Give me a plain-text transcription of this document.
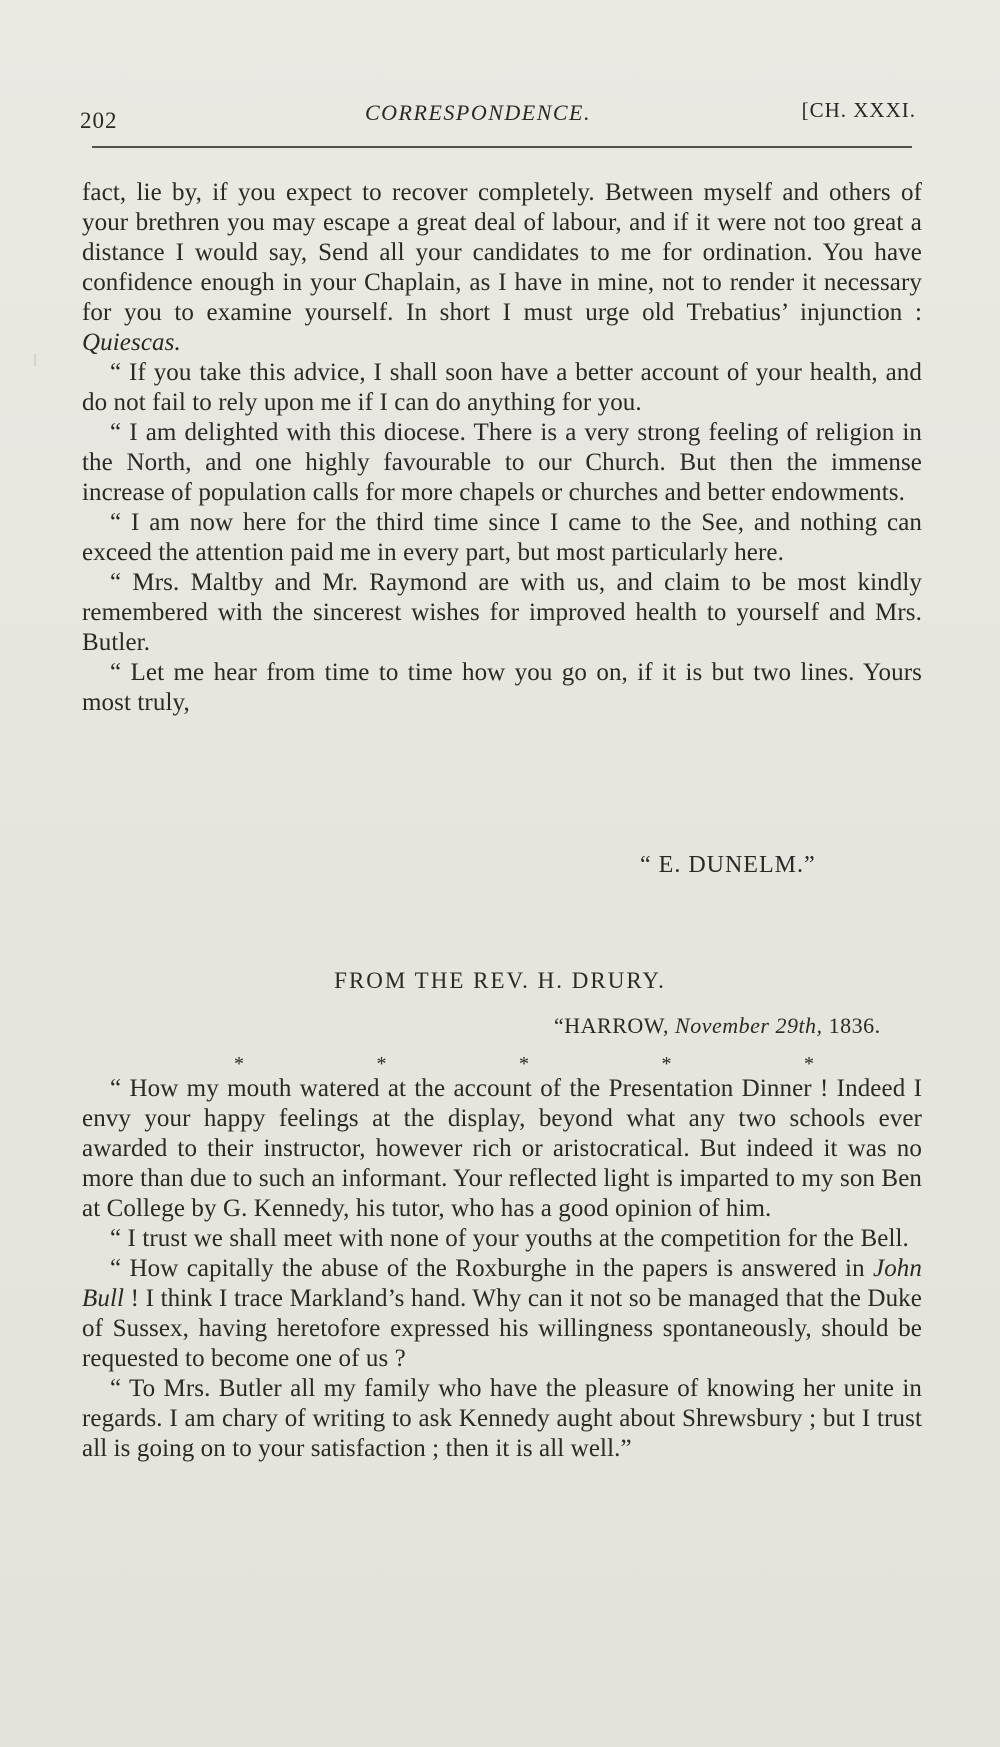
202	CORRESPONDENCE.	[CH. XXXI.

fact, lie by, if you expect to recover completely. Between myself and others of your brethren you may escape a great deal of labour, and if it were not too great a distance I would say, Send all your candidates to me for ordination. You have confidence enough in your Chaplain, as I have in mine, not to render it necessary for you to examine yourself. In short I must urge old Trebatius’ injunction : Quiescas.

“ If you take this advice, I shall soon have a better account of your health, and do not fail to rely upon me if I can do anything for you.

“ I am delighted with this diocese. There is a very strong feeling of religion in the North, and one highly favourable to our Church. But then the immense increase of population calls for more chapels or churches and better endowments.

“ I am now here for the third time since I came to the See, and nothing can exceed the attention paid me in every part, but most particularly here.

“ Mrs. Maltby and Mr. Raymond are with us, and claim to be most kindly remembered with the sincerest wishes for improved health to yourself and Mrs. Butler.

“ Let me hear from time to time how you go on, if it is but two lines. Yours most truly,

“ E. DUNELM.”
FROM THE REV. H. DRURY.
“HARROW, November 29th, 1836.
*	*	*	*	*

“ How my mouth watered at the account of the Presentation Dinner ! Indeed I envy your happy feelings at the display, beyond what any two schools ever awarded to their instructor, however rich or aristocratical. But indeed it was no more than due to such an informant. Your reflected light is imparted to my son Ben at College by G. Kennedy, his tutor, who has a good opinion of him.

“ I trust we shall meet with none of your youths at the competition for the Bell.

“ How capitally the abuse of the Roxburghe in the papers is answered in John Bull ! I think I trace Markland’s hand. Why can it not so be managed that the Duke of Sussex, having heretofore expressed his willingness spontaneously, should be requested to become one of us ?

“ To Mrs. Butler all my family who have the pleasure of knowing her unite in regards. I am chary of writing to ask Kennedy aught about Shrewsbury ; but I trust all is going on to your satisfaction ; then it is all well.”
